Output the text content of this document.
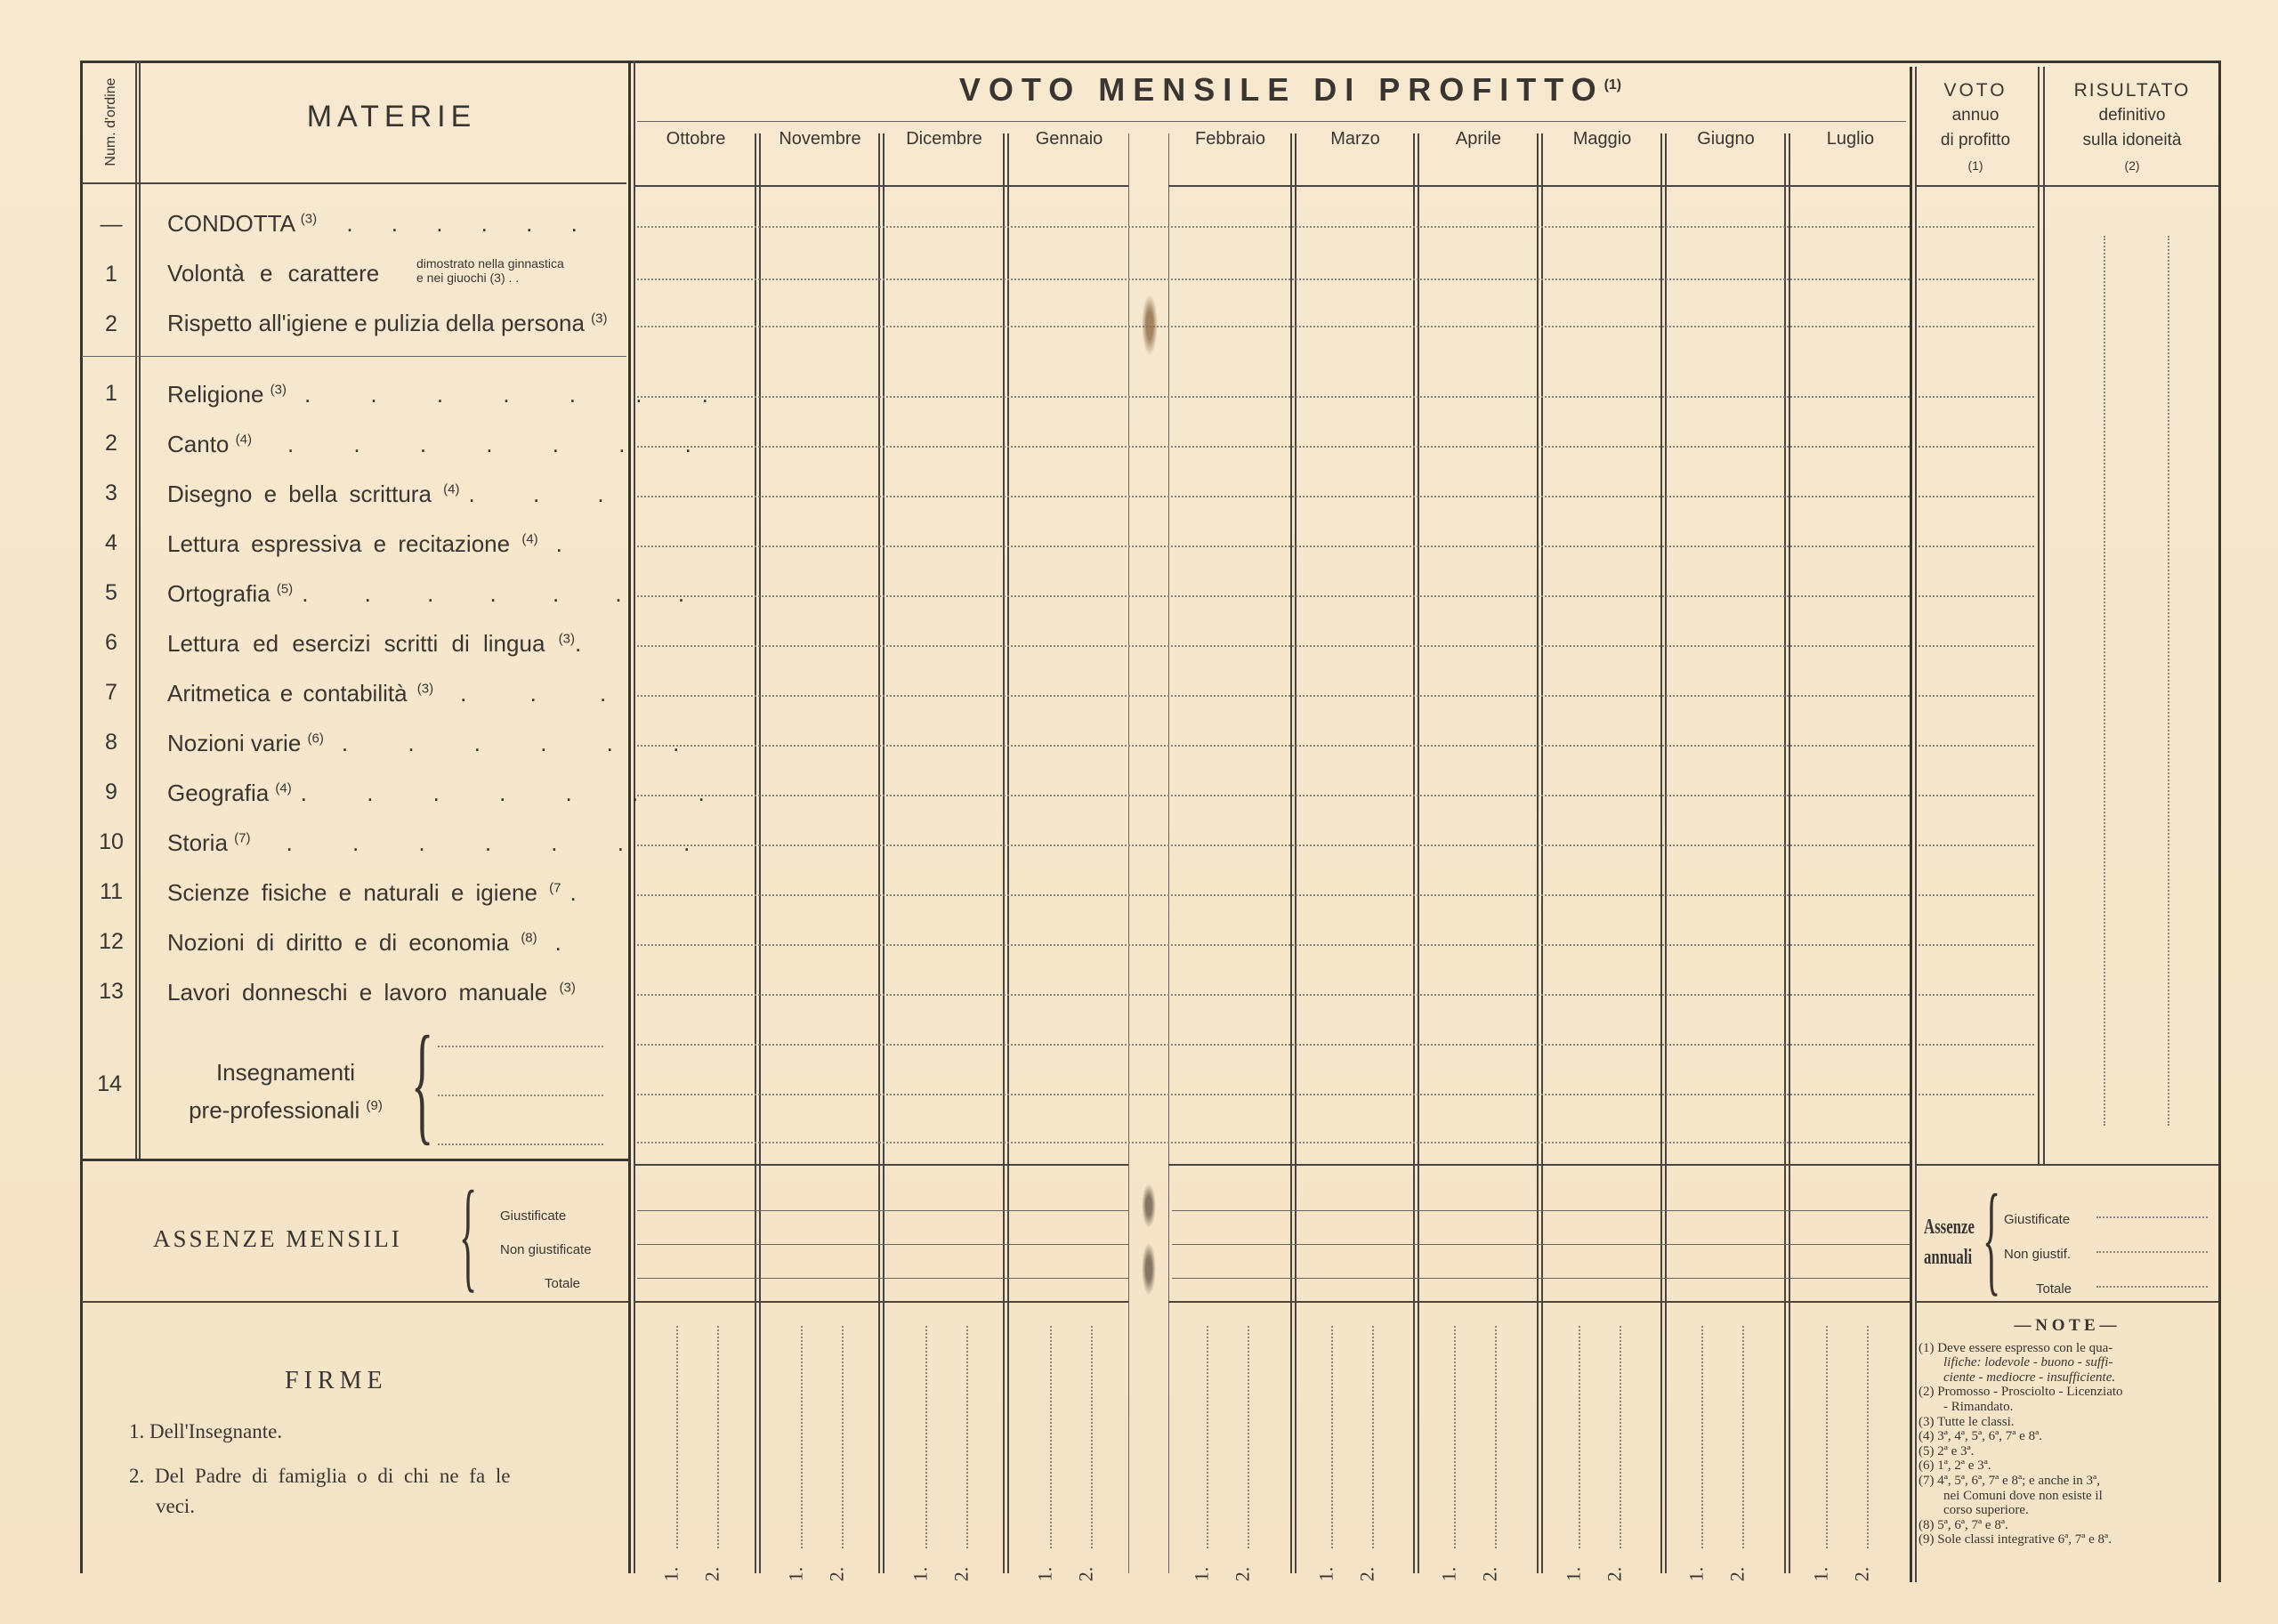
Num. d'ordine	MATERIE
VOTO MENSILE DI PROFITTO$^{(1)}$	VOTO
annuo
di profitto
(1)
RISULTATO
definitivo
sulla idoneità
(2)
Ottobre	Novembre	Dicembre	Gennaio	Febbraio	Marzo	Aprile	Maggio	Giugno	Luglio
—	CONDOTTA $^{(3)}$ . . . . . .
1	Volontà e carattere	dimostrato nella ginnastica
e nei giuochi (3) . .
2	Rispetto all'igiene e pulizia della persona $^{(3)}$
1	Religione $^{(3)}$ . . . . . . .
2	Canto $^{(4)}$ . . . . . . .
3	Disegno e bella scrittura $^{(4)}$ . . .
4	Lettura espressiva e recitazione $^{(4)}$ .
5	Ortografia $^{(5)}$ . . . . . . .
6	Lettura ed esercizi scritti di lingua $^{(3)}$.
7	Aritmetica e contabilità $^{(3)}$ . . .
8	Nozioni varie $^{(6)}$ . . . . . .
9	Geografia $^{(4)}$ . . . . . . .
10	Storia $^{(7)}$ . . . . . . .
11	Scienze fisiche e naturali e igiene $^{(7}$ .
12	Nozioni di diritto e di economia $^{(8)}$ .
13	Lavori donneschi e lavoro manuale $^{(3)}$
14	Insegnamenti
pre-professionali $^{(9)}$ {
ASSENZE MENSILI { Giustificate
Non giustificate
Totale
Assenze
annuali { Giustificate
Non giustif.
Totale
FIRME
1. Dell'Insegnante.
2. Del Padre di famiglia o di chi ne fa le
veci.
1. 2.	1. 2.	1. 2.	1. 2.	1. 2.	1. 2.	1. 2.	1. 2.	1. 2.	1. 2.
— N O T E —
(1) Deve essere espresso con le qua-
lifiche: lodevole - buono - suffi-
ciente - mediocre - insufficiente.
(2) Promosso - Prosciolto - Licenziato
- Rimandato.
(3) Tutte le classi.
(4) 3ª, 4ª, 5ª, 6ª, 7ª e 8ª.
(5) 2ª e 3ª.
(6) 1ª, 2ª e 3ª.
(7) 4ª, 5ª, 6ª, 7ª e 8ª; e anche in 3ª,
nei Comuni dove non esiste il
corso superiore.
(8) 5ª, 6ª, 7ª e 8ª.
(9) Sole classi integrative 6ª, 7ª e 8ª.
